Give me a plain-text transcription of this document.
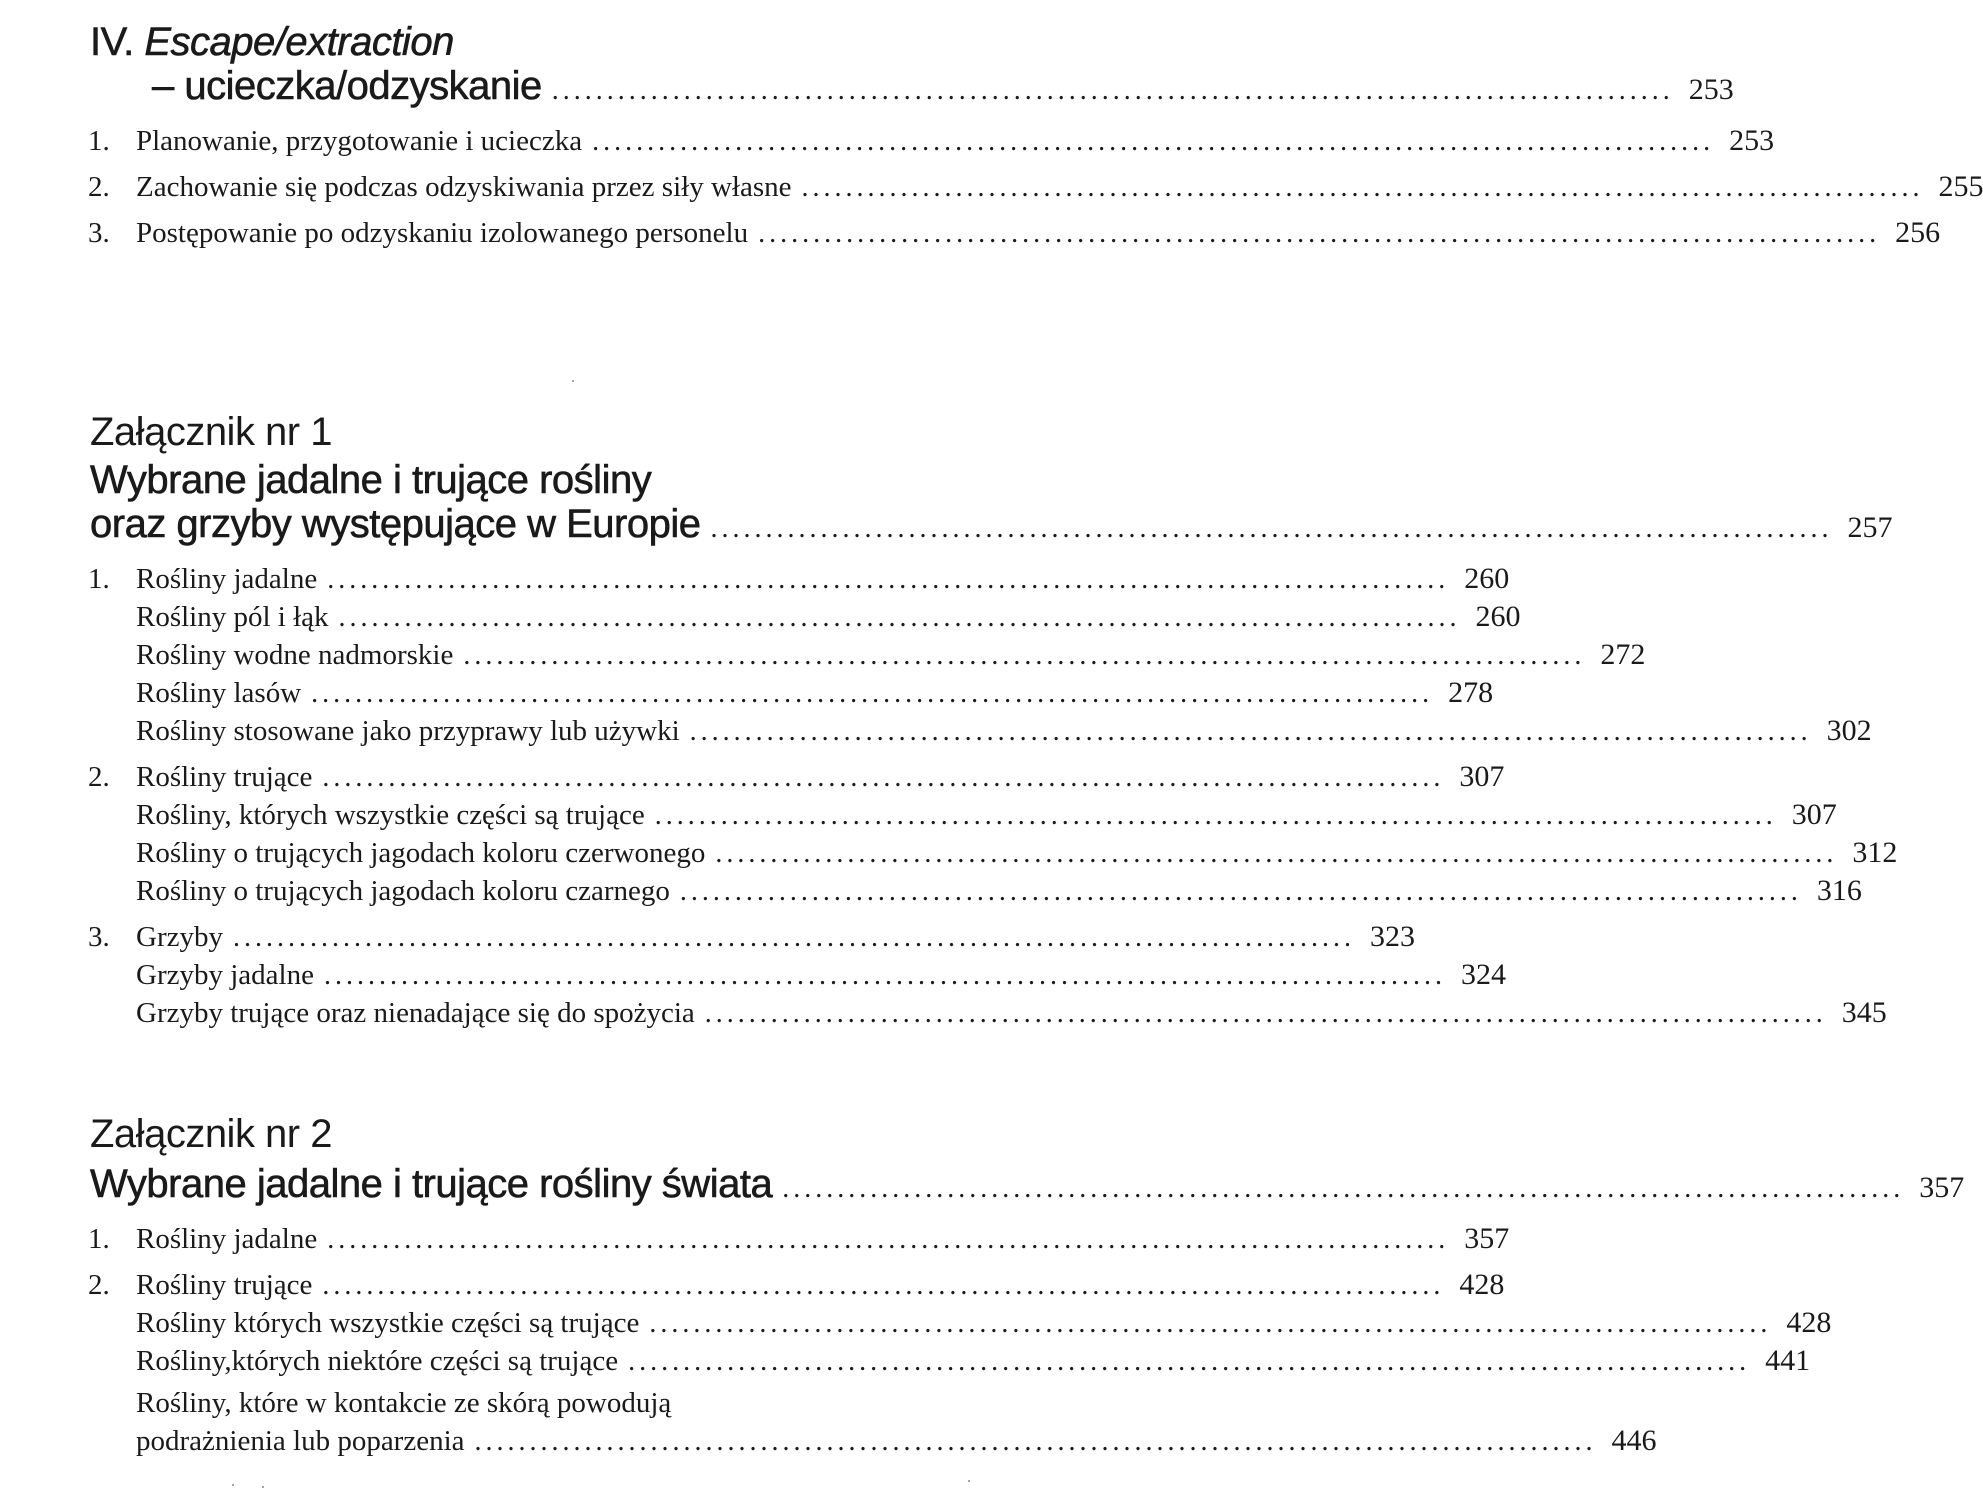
IV. Escape/extraction
– ucieczka/odzyskanie ...................................................................................................... 253
1. Planowanie, przygotowanie i ucieczka ...................................................................................................... 253
2. Zachowanie się podczas odzyskiwania przez siły własne ...................................................................................................... 255
3. Postępowanie po odzyskaniu izolowanego personelu ...................................................................................................... 256
Załącznik nr 1
Wybrane jadalne i trujące rośliny
oraz grzyby występujące w Europie ...................................................................................................... 257
1. Rośliny jadalne ...................................................................................................... 260
Rośliny pól i łąk ...................................................................................................... 260
Rośliny wodne nadmorskie ...................................................................................................... 272
Rośliny lasów ...................................................................................................... 278
Rośliny stosowane jako przyprawy lub używki ...................................................................................................... 302
2. Rośliny trujące ...................................................................................................... 307
Rośliny, których wszystkie części są trujące ...................................................................................................... 307
Rośliny o trujących jagodach koloru czerwonego ...................................................................................................... 312
Rośliny o trujących jagodach koloru czarnego ...................................................................................................... 316
3. Grzyby ...................................................................................................... 323
Grzyby jadalne ...................................................................................................... 324
Grzyby trujące oraz nienadające się do spożycia ...................................................................................................... 345
Załącznik nr 2
Wybrane jadalne i trujące rośliny świata ...................................................................................................... 357
1. Rośliny jadalne ...................................................................................................... 357
2. Rośliny trujące ...................................................................................................... 428
Rośliny których wszystkie części są trujące ...................................................................................................... 428
Rośliny,których niektóre części są trujące ...................................................................................................... 441
Rośliny, które w kontakcie ze skórą powodują
podrażnienia lub poparzenia ...................................................................................................... 446
